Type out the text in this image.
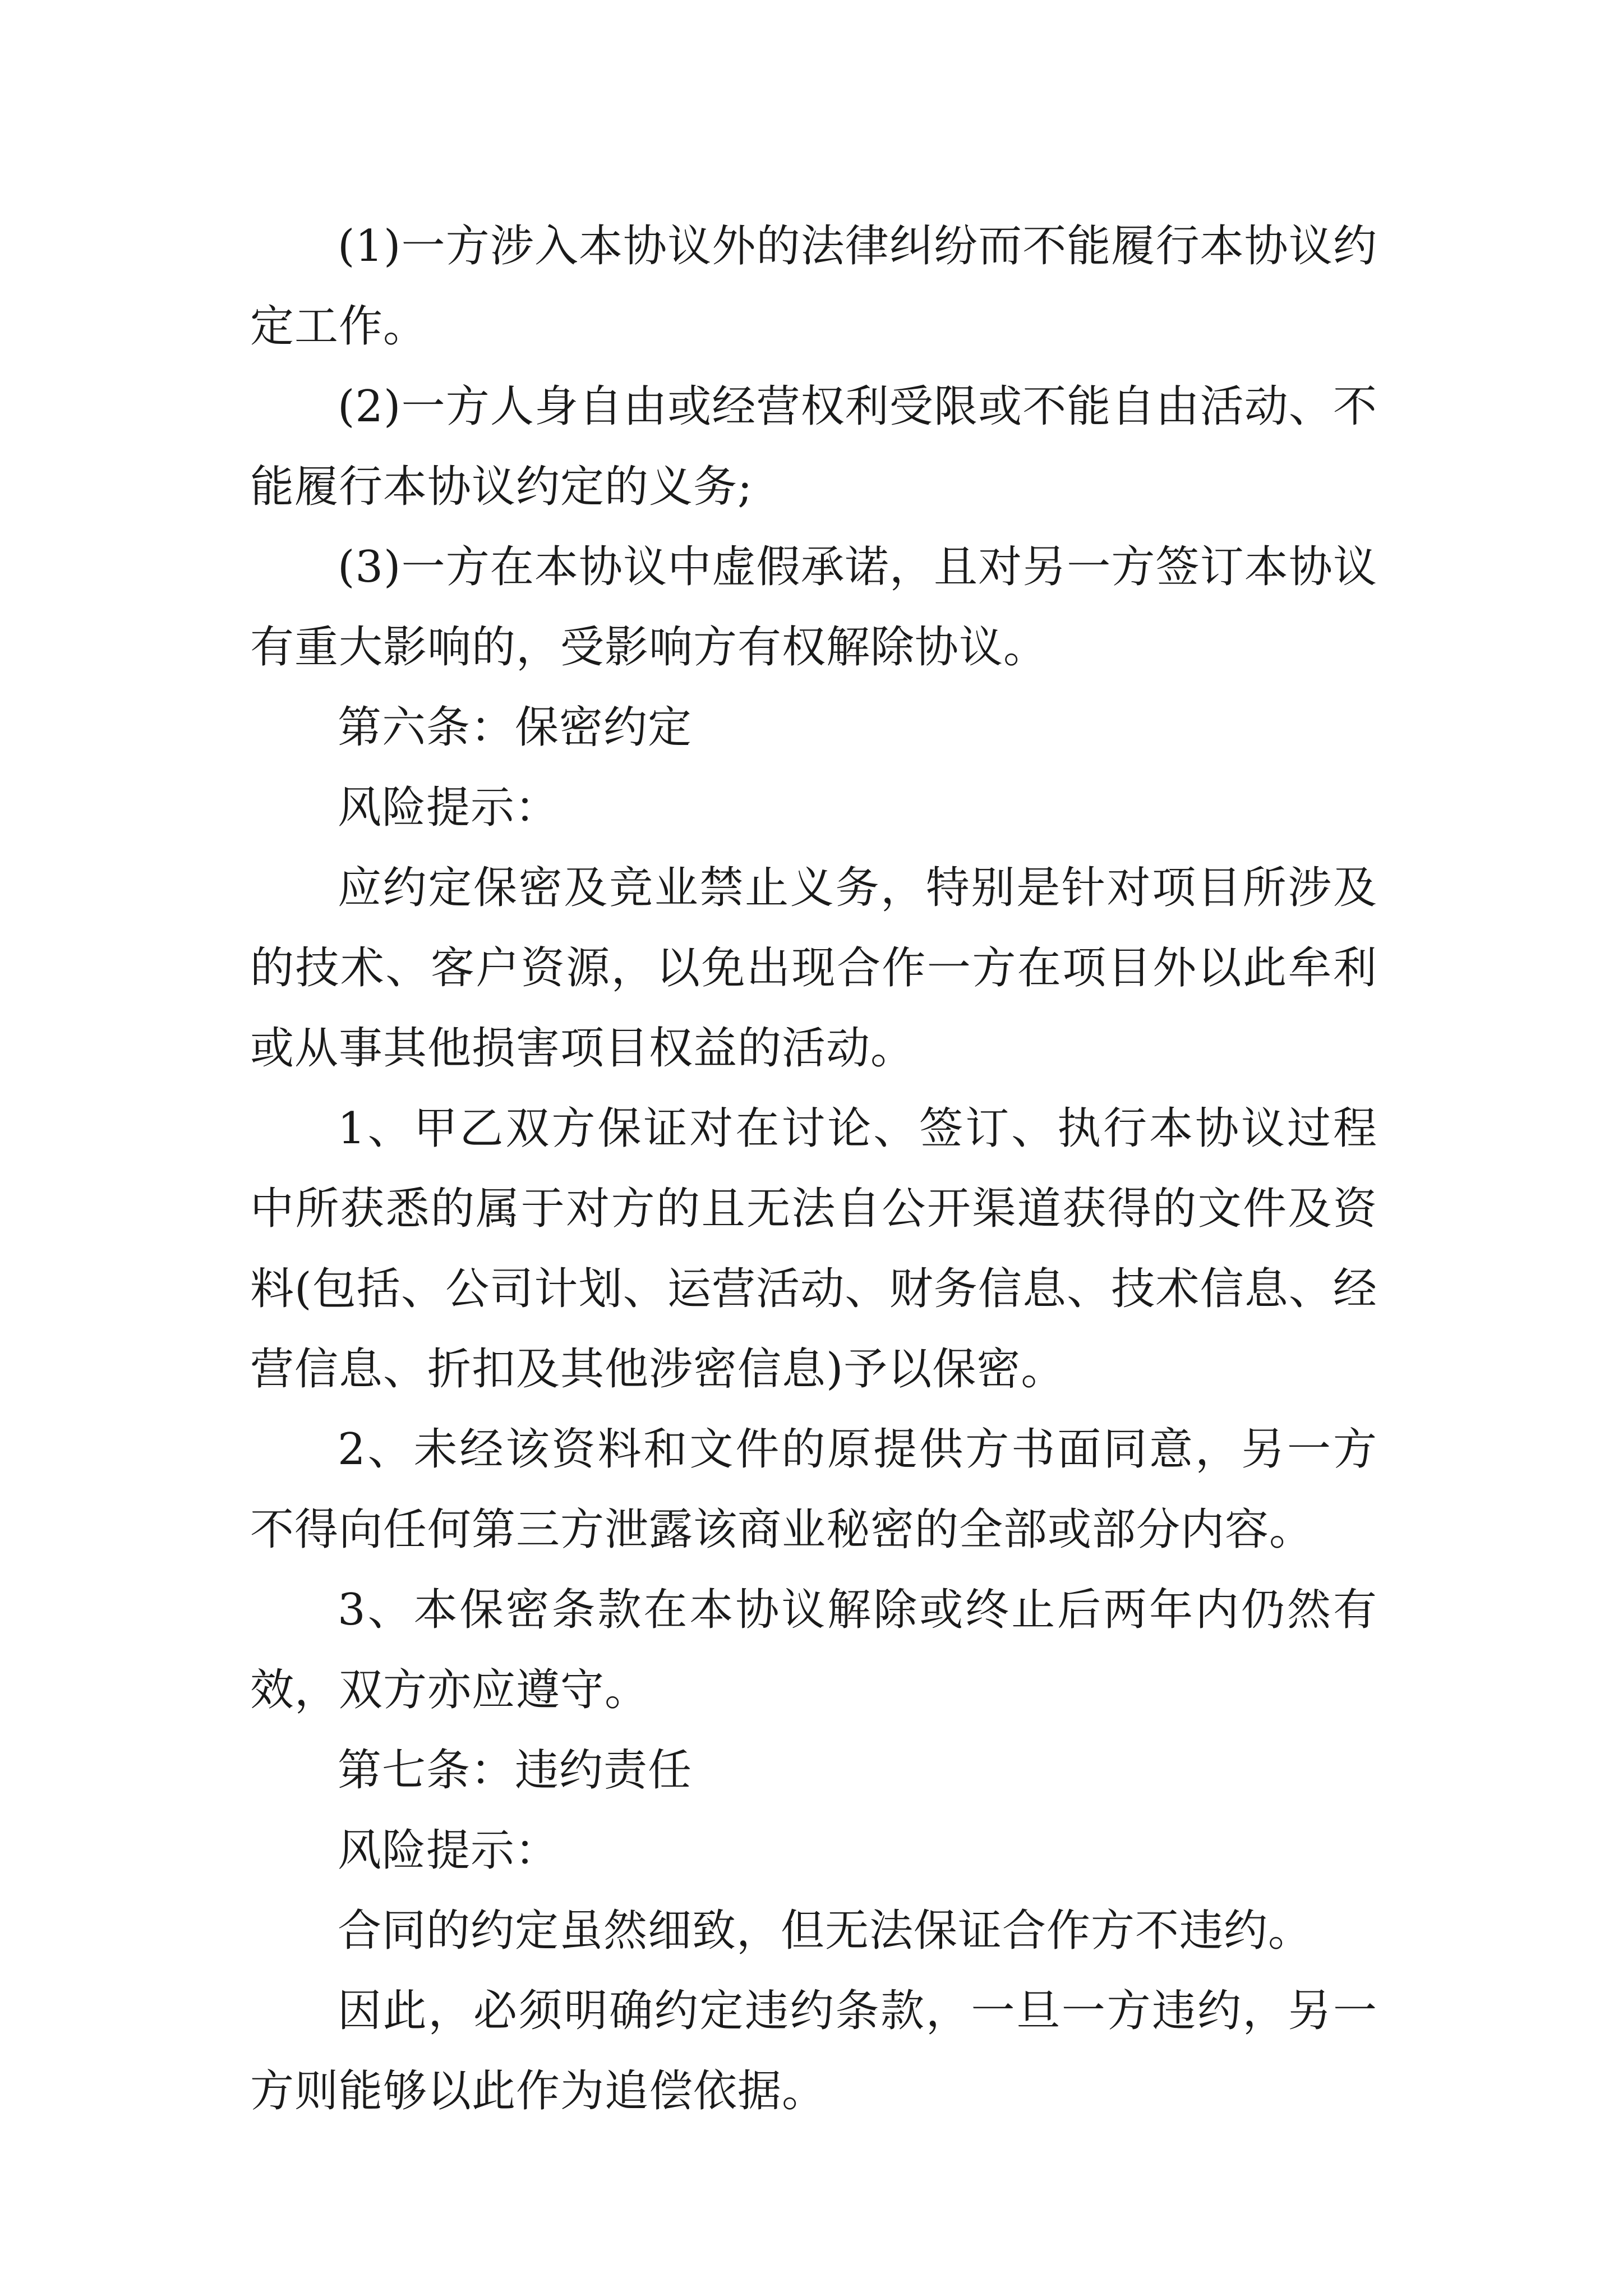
(1)一方涉入本协议外的法律纠纷而不能履行本协议约定工作。

(2)一方人身自由或经营权利受限或不能自由活动、不能履行本协议约定的义务;

(3)一方在本协议中虚假承诺，且对另一方签订本协议有重大影响的，受影响方有权解除协议。

第六条：保密约定

风险提示：

应约定保密及竞业禁止义务，特别是针对项目所涉及的技术、客户资源，以免出现合作一方在项目外以此牟利或从事其他损害项目权益的活动。

1、甲乙双方保证对在讨论、签订、执行本协议过程中所获悉的属于对方的且无法自公开渠道获得的文件及资料(包括、公司计划、运营活动、财务信息、技术信息、经营信息、折扣及其他涉密信息)予以保密。

2、未经该资料和文件的原提供方书面同意，另一方不得向任何第三方泄露该商业秘密的全部或部分内容。

3、本保密条款在本协议解除或终止后两年内仍然有效，双方亦应遵守。

第七条：违约责任

风险提示：

合同的约定虽然细致，但无法保证合作方不违约。

因此，必须明确约定违约条款，一旦一方违约，另一方则能够以此作为追偿依据。
